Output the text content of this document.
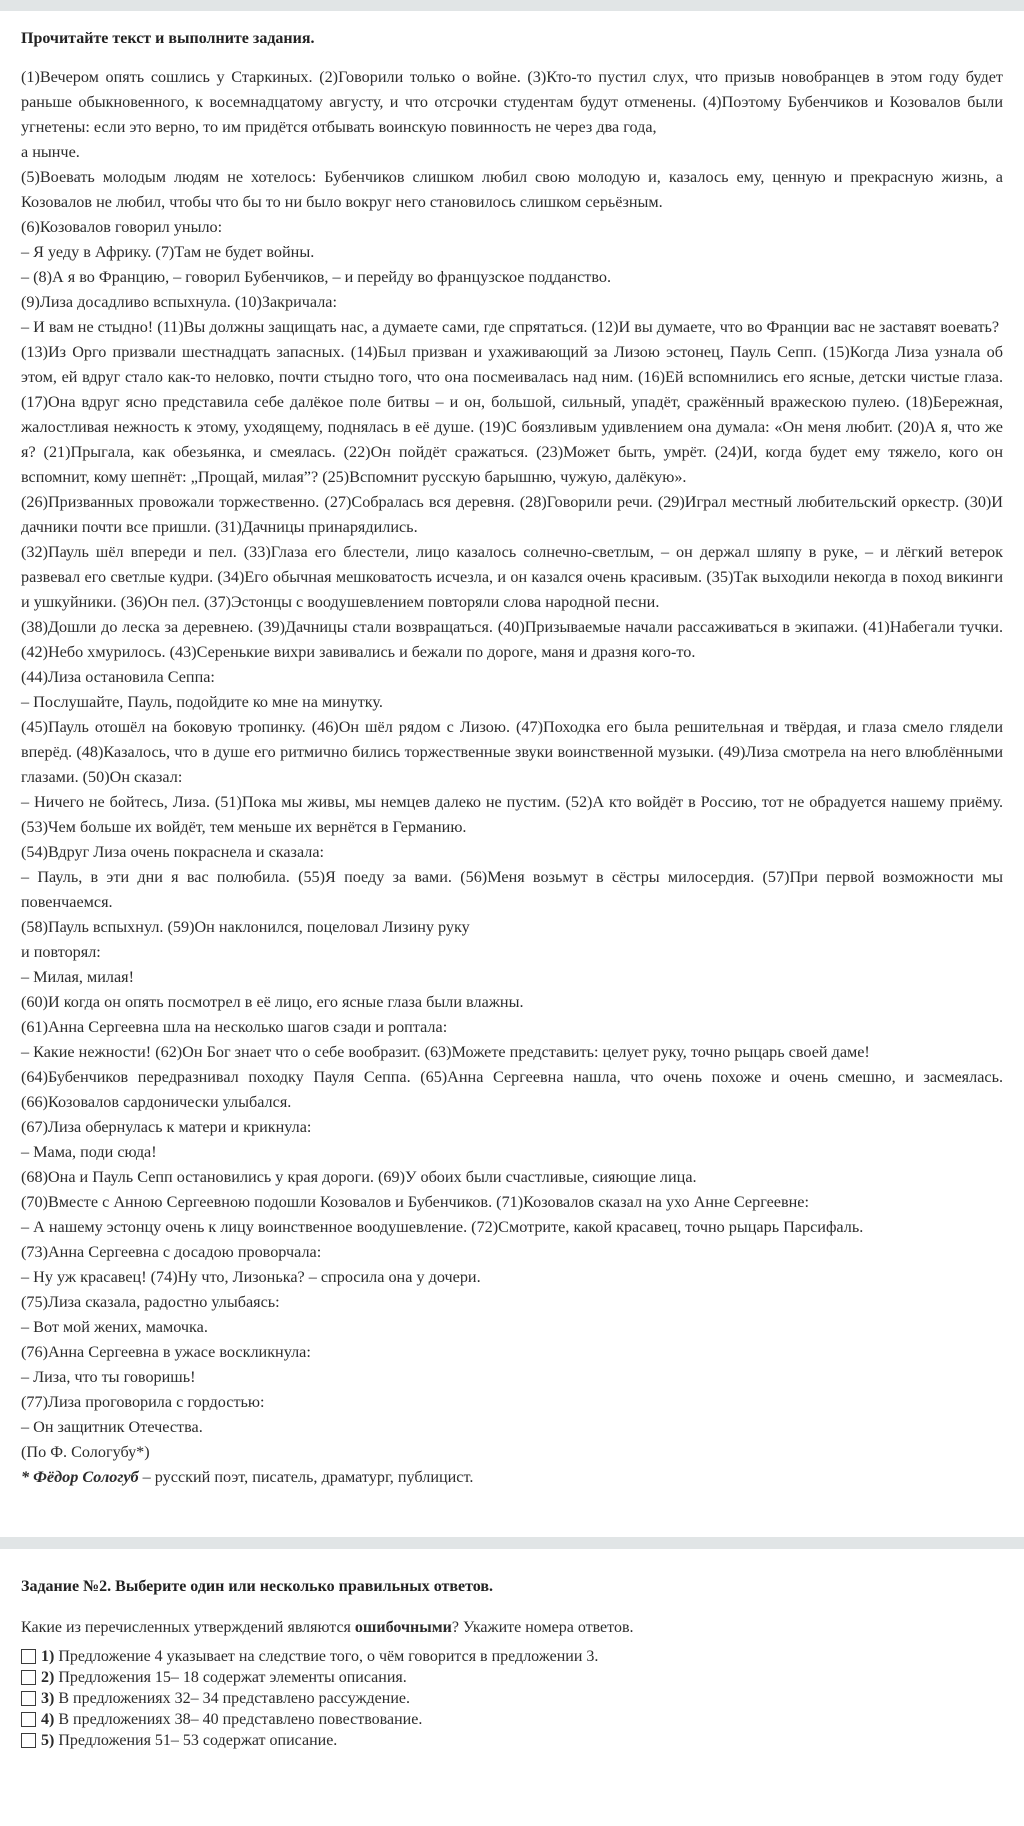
Прочитайте текст и выполните задания.

(1)Вечером опять сошлись у Старкиных. (2)Говорили только о войне. (3)Кто-то пустил слух, что призыв новобранцев в этом году будет раньше обыкновенного, к восемнадцатому августу, и что отсрочки студентам будут отменены. (4)Поэтому Бубенчиков и Козовалов были угнетены: если это верно, то им придётся отбывать воинскую повинность не через два года,

а нынче.

(5)Воевать молодым людям не хотелось: Бубенчиков слишком любил свою молодую и, казалось ему, ценную и прекрасную жизнь, а Козовалов не любил, чтобы что бы то ни было вокруг него становилось слишком серьёзным.

(6)Козовалов говорил уныло:

– Я уеду в Африку. (7)Там не будет войны.

– (8)А я во Францию, – говорил Бубенчиков, – и перейду во французское подданство.

(9)Лиза досадливо вспыхнула. (10)Закричала:

– И вам не стыдно! (11)Вы должны защищать нас, а думаете сами, где спрятаться. (12)И вы думаете, что во Франции вас не заставят воевать?

(13)Из Орго призвали шестнадцать запасных. (14)Был призван и ухаживающий за Лизою эстонец, Пауль Сепп. (15)Когда Лиза узнала об этом, ей вдруг стало как-то неловко, почти стыдно того, что она посмеивалась над ним. (16)Ей вспомнились его ясные, детски чистые глаза. (17)Она вдруг ясно представила себе далёкое поле битвы – и он, большой, сильный, упадёт, сражённый вражескою пулею. (18)Бережная, жалостливая нежность к этому, уходящему, поднялась в её душе. (19)С боязливым удивлением она думала: «Он меня любит. (20)А я, что же я? (21)Прыгала, как обезьянка, и смеялась. (22)Он пойдёт сражаться. (23)Может быть, умрёт. (24)И, когда будет ему тяжело, кого он вспомнит, кому шепнёт: „Прощай, милая”? (25)Вспомнит русскую барышню, чужую, далёкую».

(26)Призванных провожали торжественно. (27)Собралась вся деревня. (28)Говорили речи. (29)Играл местный любительский оркестр. (30)И дачники почти все пришли. (31)Дачницы принарядились.

(32)Пауль шёл впереди и пел. (33)Глаза его блестели, лицо казалось солнечно-светлым, – он держал шляпу в руке, – и лёгкий ветерок развевал его светлые кудри. (34)Его обычная мешковатость исчезла, и он казался очень красивым. (35)Так выходили некогда в поход викинги и ушкуйники. (36)Он пел. (37)Эстонцы с воодушевлением повторяли слова народной песни.

(38)Дошли до леска за деревнею. (39)Дачницы стали возвращаться. (40)Призываемые начали рассаживаться в экипажи. (41)Набегали тучки. (42)Небо хмурилось. (43)Серенькие вихри завивались и бежали по дороге, маня и дразня кого-то.

(44)Лиза остановила Сеппа:

– Послушайте, Пауль, подойдите ко мне на минутку.

(45)Пауль отошёл на боковую тропинку. (46)Он шёл рядом с Лизою. (47)Походка его была решительная и твёрдая, и глаза смело глядели вперёд. (48)Казалось, что в душе его ритмично бились торжественные звуки воинственной музыки. (49)Лиза смотрела на него влюблёнными глазами. (50)Он сказал:

– Ничего не бойтесь, Лиза. (51)Пока мы живы, мы немцев далеко не пустим. (52)А кто войдёт в Россию, тот не обрадуется нашему приёму. (53)Чем больше их войдёт, тем меньше их вернётся в Германию.

(54)Вдруг Лиза очень покраснела и сказала:

– Пауль, в эти дни я вас полюбила. (55)Я поеду за вами. (56)Меня возьмут в сёстры милосердия. (57)При первой возможности мы повенчаемся.

(58)Пауль вспыхнул. (59)Он наклонился, поцеловал Лизину руку

и повторял:

– Милая, милая!

(60)И когда он опять посмотрел в её лицо, его ясные глаза были влажны.

(61)Анна Сергеевна шла на несколько шагов сзади и роптала:

– Какие нежности! (62)Он Бог знает что о себе вообразит. (63)Можете представить: целует руку, точно рыцарь своей даме!

(64)Бубенчиков передразнивал походку Пауля Сеппа. (65)Анна Сергеевна нашла, что очень похоже и очень смешно, и засмеялась. (66)Козовалов сардонически улыбался.

(67)Лиза обернулась к матери и крикнула:

– Мама, поди сюда!

(68)Она и Пауль Сепп остановились у края дороги. (69)У обоих были счастливые, сияющие лица.

(70)Вместе с Анною Сергеевною подошли Козовалов и Бубенчиков. (71)Козовалов сказал на ухо Анне Сергеевне:

– А нашему эстонцу очень к лицу воинственное воодушевление. (72)Смотрите, какой красавец, точно рыцарь Парсифаль.

(73)Анна Сергеевна с досадою проворчала:

– Ну уж красавец! (74)Ну что, Лизонька? – спросила она у дочери.

(75)Лиза сказала, радостно улыбаясь:

– Вот мой жених, мамочка.

(76)Анна Сергеевна в ужасе воскликнула:

– Лиза, что ты говоришь!

(77)Лиза проговорила с гордостью:

– Он защитник Отечества.

(По Ф. Сологубу*)

* Фёдор Сологуб – русский поэт, писатель, драматург, публицист.

Задание №2. Выберите один или несколько правильных ответов.
Какие из перечисленных утверждений являются ошибочными? Укажите номера ответов.
1) Предложение 4 указывает на следствие того, о чём говорится в предложении 3.
2) Предложения 15– 18 содержат элементы описания.
3) В предложениях 32– 34 представлено рассуждение.
4) В предложениях 38– 40 представлено повествование.
5) Предложения 51– 53 содержат описание.
